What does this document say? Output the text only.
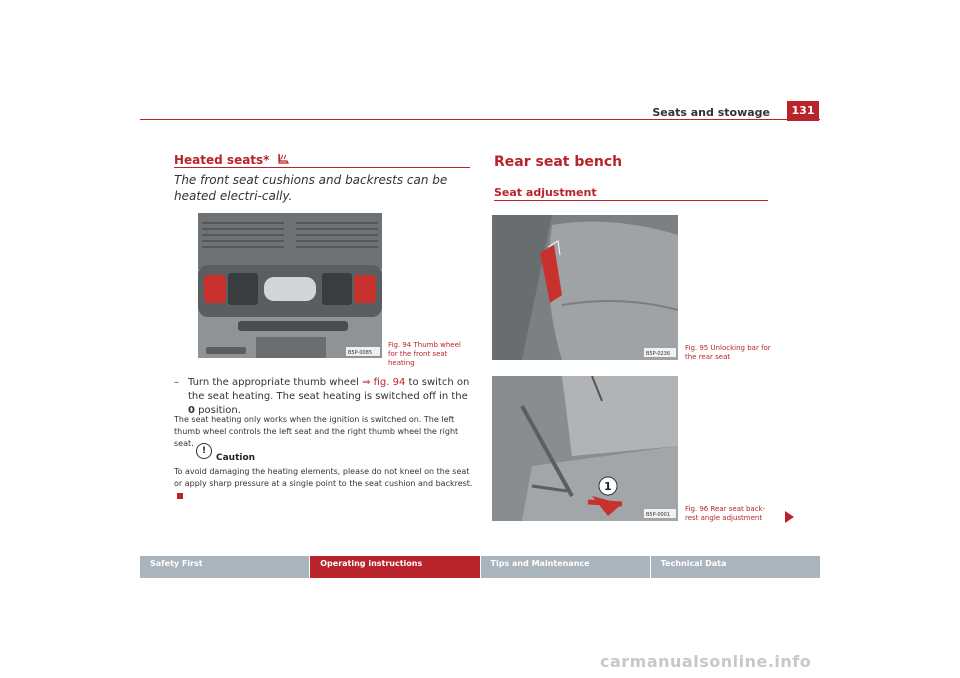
Seats and stowage	131
Heated seats*
The front seat cushions and backrests can be heated electri-cally.
B5P-0085
Fig. 94 Thumb wheel for the front seat heating
– Turn the appropriate thumb wheel ⇒ fig. 94 to switch on the seat heating. The seat heating is switched off in the 0 position.
The seat heating only works when the ignition is switched on. The left thumb wheel controls the left seat and the right thumb wheel the right seat.
!
Caution
To avoid damaging the heating elements, please do not kneel on the seat or apply sharp pressure at a single point to the seat cushion and backrest.
Rear seat bench
Seat adjustment
B5P-0236
Fig. 95 Unlocking bar for the rear seat
1
B5P-0001
Fig. 96 Rear seat back-rest angle adjustment
Safety First	Operating instructions	Tips and Maintenance	Technical Data
carmanualsonline.info
